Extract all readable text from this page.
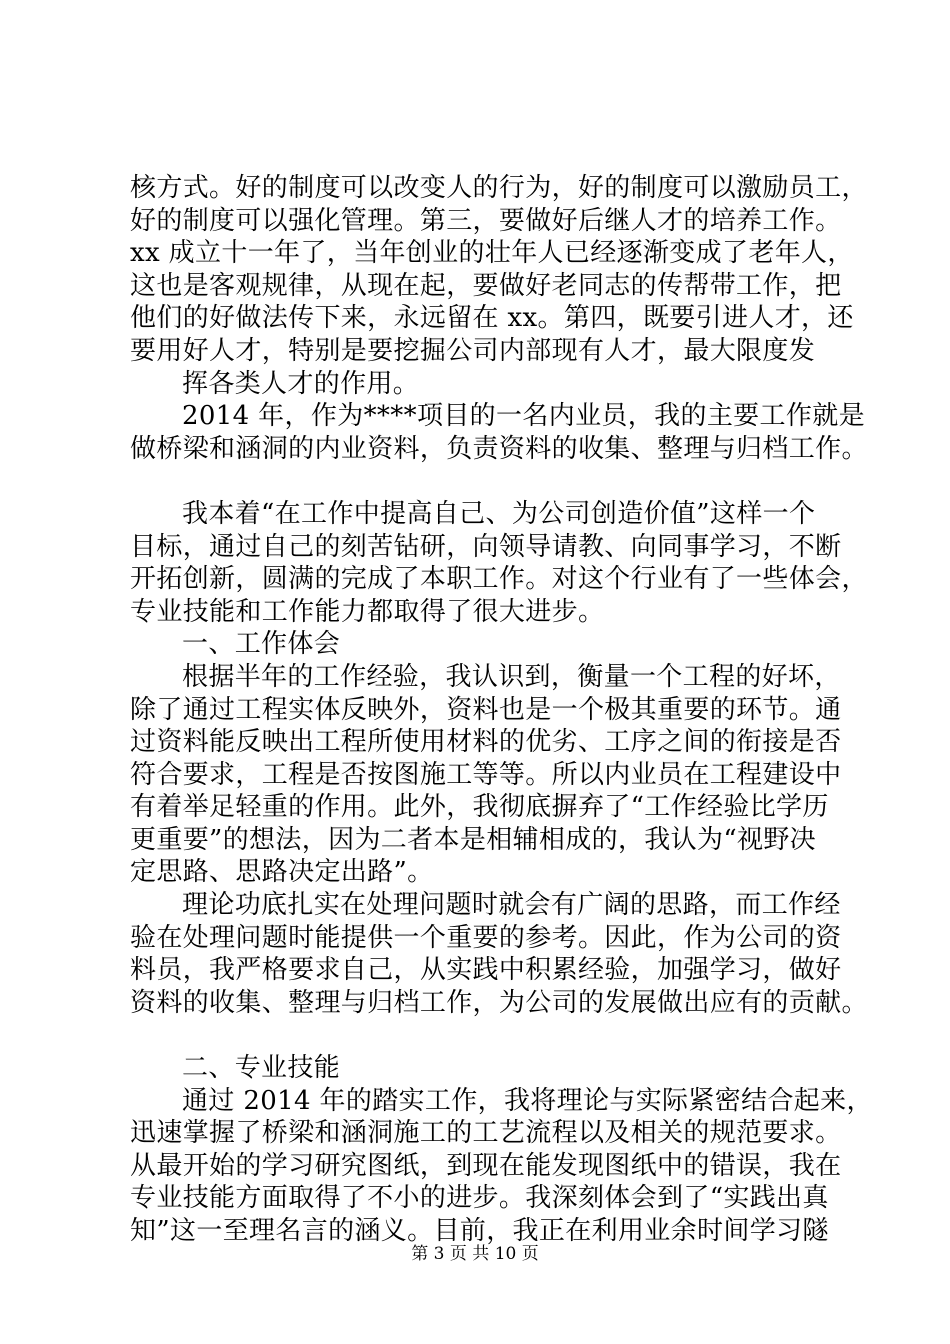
核方式。好的制度可以改变人的行为，好的制度可以激励员工，
好的制度可以强化管理。第三，要做好后继人才的培养工作。
xx 成立十一年了，当年创业的壮年人已经逐渐变成了老年人，
这也是客观规律，从现在起，要做好老同志的传帮带工作，把
他们的好做法传下来，永远留在 xx。第四，既要引进人才，还
要用好人才，特别是要挖掘公司内部现有人才，最大限度发
挥各类人才的作用。
2014 年，作为****项目的一名内业员，我的主要工作就是
做桥梁和涵洞的内业资料，负责资料的收集、整理与归档工作。
我本着“在工作中提高自己、为公司创造价值”这样一个
目标，通过自己的刻苦钻研，向领导请教、向同事学习，不断
开拓创新，圆满的完成了本职工作。对这个行业有了一些体会，
专业技能和工作能力都取得了很大进步。
一、工作体会
根据半年的工作经验，我认识到，衡量一个工程的好坏，
除了通过工程实体反映外，资料也是一个极其重要的环节。通
过资料能反映出工程所使用材料的优劣、工序之间的衔接是否
符合要求，工程是否按图施工等等。所以内业员在工程建设中
有着举足轻重的作用。此外，我彻底摒弃了“工作经验比学历
更重要”的想法，因为二者本是相辅相成的，我认为“视野决
定思路、思路决定出路”。
理论功底扎实在处理问题时就会有广阔的思路，而工作经
验在处理问题时能提供一个重要的参考。因此，作为公司的资
料员，我严格要求自己，从实践中积累经验，加强学习，做好
资料的收集、整理与归档工作，为公司的发展做出应有的贡献。
二、专业技能
通过 2014 年的踏实工作，我将理论与实际紧密结合起来，
迅速掌握了桥梁和涵洞施工的工艺流程以及相关的规范要求。
从最开始的学习研究图纸，到现在能发现图纸中的错误，我在
专业技能方面取得了不小的进步。我深刻体会到了“实践出真
知”这一至理名言的涵义。目前，我正在利用业余时间学习隧
第 3 页 共 10 页
